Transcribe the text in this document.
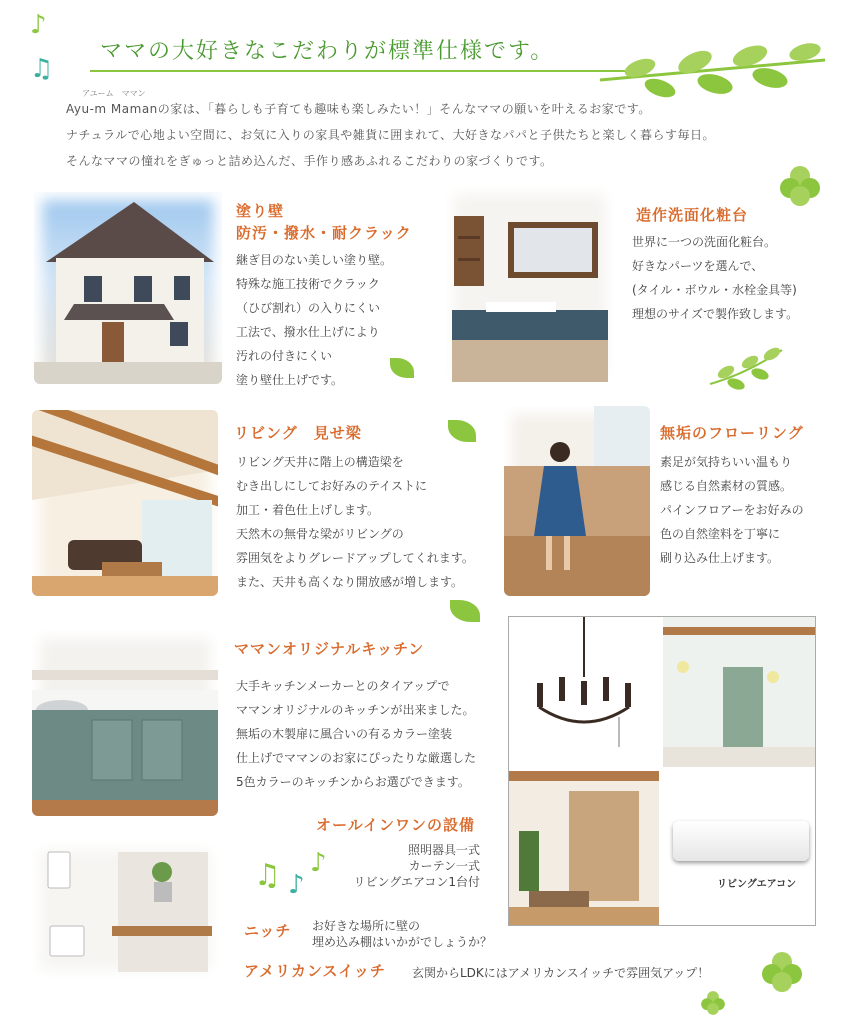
♪
♫
♫ ♪
♪
ママの大好きなこだわりが標準仕様です。
アユーム　ママン
Ayu-m Mamanの家は、「暮らしも子育ても趣味も楽しみたい！」そんなママの願いを叶えるお家です。
ナチュラルで心地よい空間に、お気に入りの家具や雑貨に囲まれて、大好きなパパと子供たちと楽しく暮らす毎日。
そんなママの憧れをぎゅっと詰め込んだ、手作り感あふれるこだわりの家づくりです。
塗り壁
防汚・撥水・耐クラック
継ぎ目のない美しい塗り壁。
特殊な施工技術でクラック
（ひび割れ）の入りにくい
工法で、撥水仕上げにより
汚れの付きにくい
塗り壁仕上げです。
造作洗面化粧台
世界に一つの洗面化粧台。
好きなパーツを選んで、
(タイル・ボウル・水栓金具等)
理想のサイズで製作致します。
リビング　見せ梁
リビング天井に階上の構造梁を
むき出しにしてお好みのテイストに
加工・着色仕上げします。
天然木の無骨な梁がリビングの
雰囲気をよりグレードアップしてくれます。
また、天井も高くなり開放感が増します。
無垢のフローリング
素足が気持ちいい温もり
感じる自然素材の質感。
パインフロアーをお好みの
色の自然塗料を丁寧に
刷り込み仕上げます。
ママンオリジナルキッチン
大手キッチンメーカーとのタイアップで
ママンオリジナルのキッチンが出来ました。
無垢の木製扉に風合いの有るカラー塗装
仕上げでママンのお家にぴったりな厳選した
5色カラーのキッチンからお選びできます。
リビングエアコン
オールインワンの設備
照明器具一式
カーテン一式
リビングエアコン1台付
ニッチ お好きな場所に壁の
埋め込み棚はいかがでしょうか？
アメリカンスイッチ 玄関からLDKにはアメリカンスイッチで雰囲気アップ！
